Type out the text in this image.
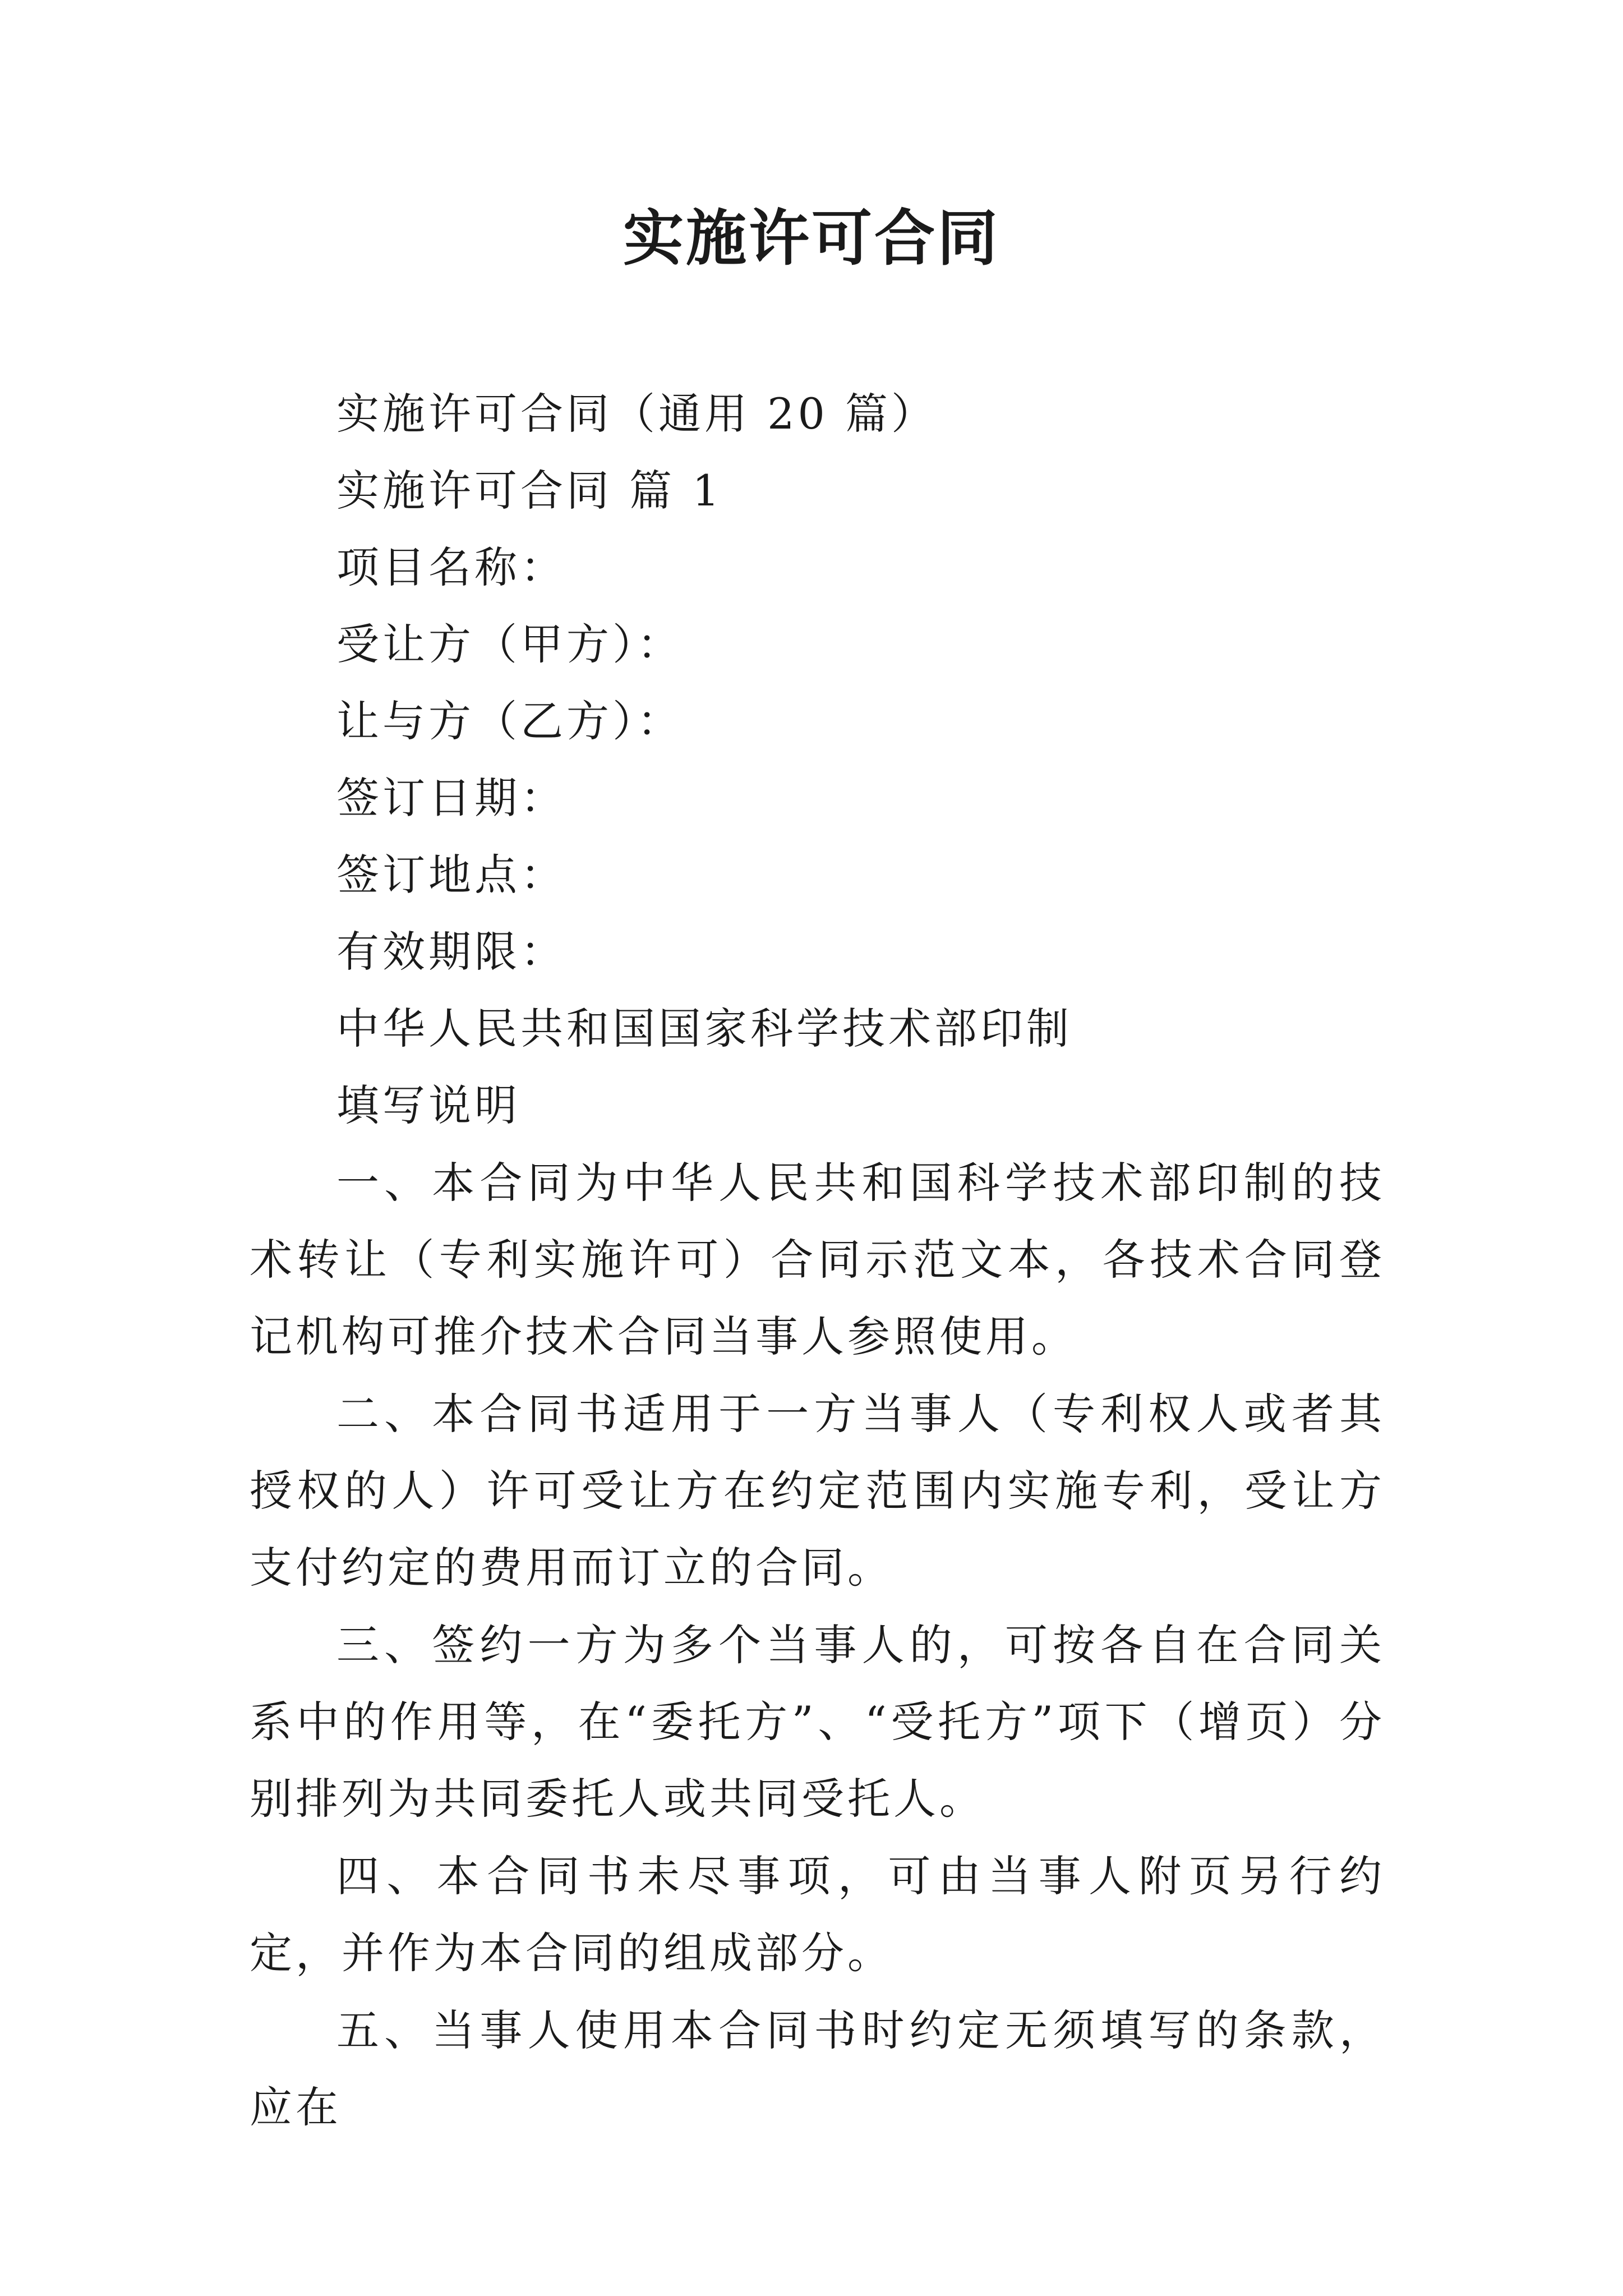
实施许可合同
实施许可合同（通用 20 篇）
实施许可合同 篇 1
项目名称：
受让方（甲方）：
让与方（乙方）：
签订日期：
签订地点：
有效期限：
中华人民共和国国家科学技术部印制
填写说明
一、本合同为中华人民共和国科学技术部印制的技术转让（专利实施许可）合同示范文本，各技术合同登记机构可推介技术合同当事人参照使用。
二、本合同书适用于一方当事人（专利权人或者其授权的人）许可受让方在约定范围内实施专利，受让方支付约定的费用而订立的合同。
三、签约一方为多个当事人的，可按各自在合同关系中的作用等，在“委托方”、“受托方”项下（增页）分别排列为共同委托人或共同受托人。
四、本合同书未尽事项，可由当事人附页另行约定，并作为本合同的组成部分。
五、当事人使用本合同书时约定无须填写的条款，应在
